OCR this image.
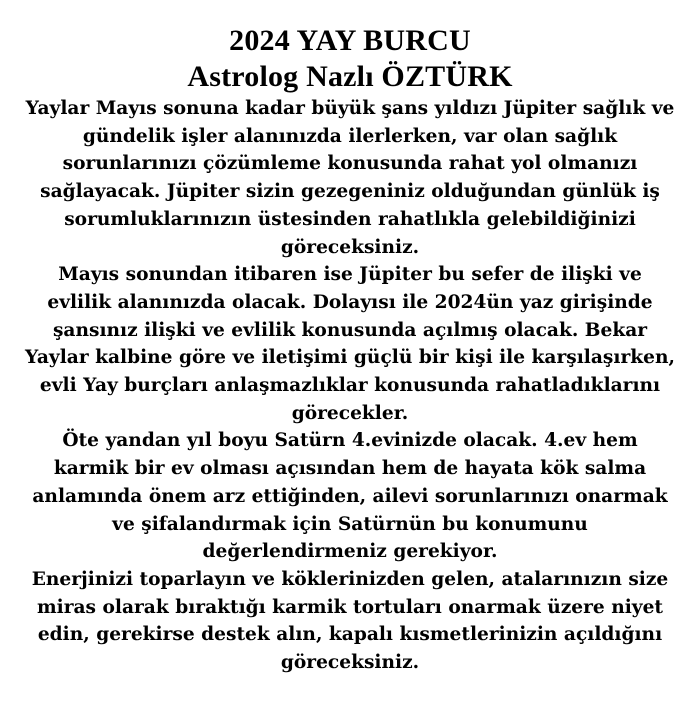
2024 YAY BURCU
Astrolog Nazlı ÖZTÜRK
Yaylar Mayıs sonuna kadar büyük şans yıldızı Jüpiter sağlık ve
gündelik işler alanınızda ilerlerken, var olan sağlık
sorunlarınızı çözümleme konusunda rahat yol olmanızı
sağlayacak. Jüpiter sizin gezegeniniz olduğundan günlük iş
sorumluklarınızın üstesinden rahatlıkla gelebildiğinizi
göreceksiniz.
Mayıs sonundan itibaren ise Jüpiter bu sefer de ilişki ve
evlilik alanınızda olacak. Dolayısı ile 2024ün yaz girişinde
şansınız ilişki ve evlilik konusunda açılmış olacak. Bekar
Yaylar kalbine göre ve iletişimi güçlü bir kişi ile karşılaşırken,
evli Yay burçları anlaşmazlıklar konusunda rahatladıklarını
görecekler.
Öte yandan yıl boyu Satürn 4.evinizde olacak. 4.ev hem
karmik bir ev olması açısından hem de hayata kök salma
anlamında önem arz ettiğinden, ailevi sorunlarınızı onarmak
ve şifalandırmak için Satürnün bu konumunu
değerlendirmeniz gerekiyor.
Enerjinizi toparlayın ve köklerinizden gelen, atalarınızın size
miras olarak bıraktığı karmik tortuları onarmak üzere niyet
edin, gerekirse destek alın, kapalı kısmetlerinizin açıldığını
göreceksiniz.
